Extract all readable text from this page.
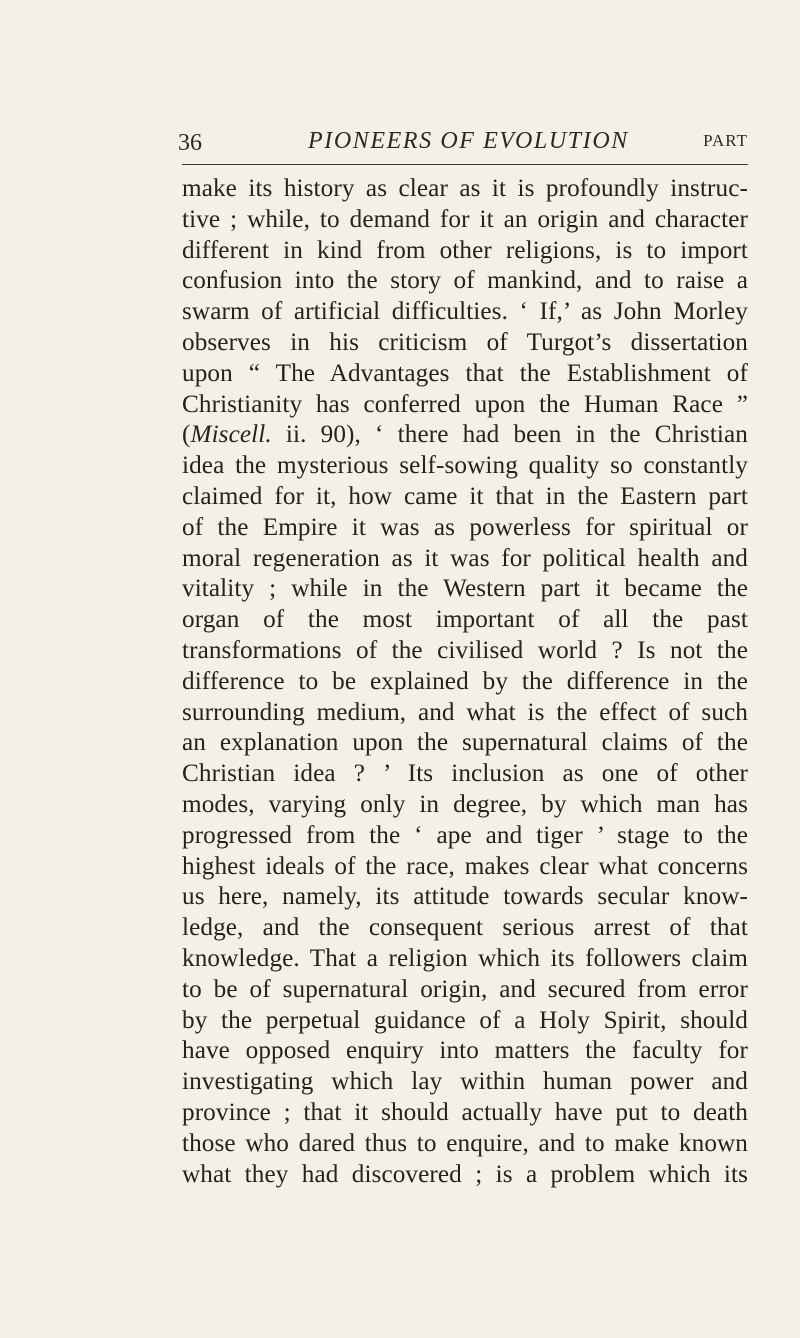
36	PIONEERS OF EVOLUTION	PART
make its history as clear as it is profoundly instruc-
tive ; while, to demand for it an origin and character
different in kind from other religions, is to import
confusion into the story of mankind, and to raise a
swarm of artificial difficulties. ‘ If,’ as John Morley
observes in his criticism of Turgot’s dissertation
upon “ The Advantages that the Establishment of
Christianity has conferred upon the Human Race ”
(Miscell. ii. 90), ‘ there had been in the Christian
idea the mysterious self-sowing quality so constantly
claimed for it, how came it that in the Eastern part
of the Empire it was as powerless for spiritual or
moral regeneration as it was for political health and
vitality ; while in the Western part it became the
organ of the most important of all the past
transformations of the civilised world ? Is not the
difference to be explained by the difference in the
surrounding medium, and what is the effect of such
an explanation upon the supernatural claims of the
Christian idea ? ’ Its inclusion as one of other
modes, varying only in degree, by which man has
progressed from the ‘ ape and tiger ’ stage to the
highest ideals of the race, makes clear what concerns
us here, namely, its attitude towards secular know-
ledge, and the consequent serious arrest of that
knowledge. That a religion which its followers claim
to be of supernatural origin, and secured from error
by the perpetual guidance of a Holy Spirit, should
have opposed enquiry into matters the faculty for
investigating which lay within human power and
province ; that it should actually have put to death
those who dared thus to enquire, and to make known
what they had discovered ; is a problem which its
